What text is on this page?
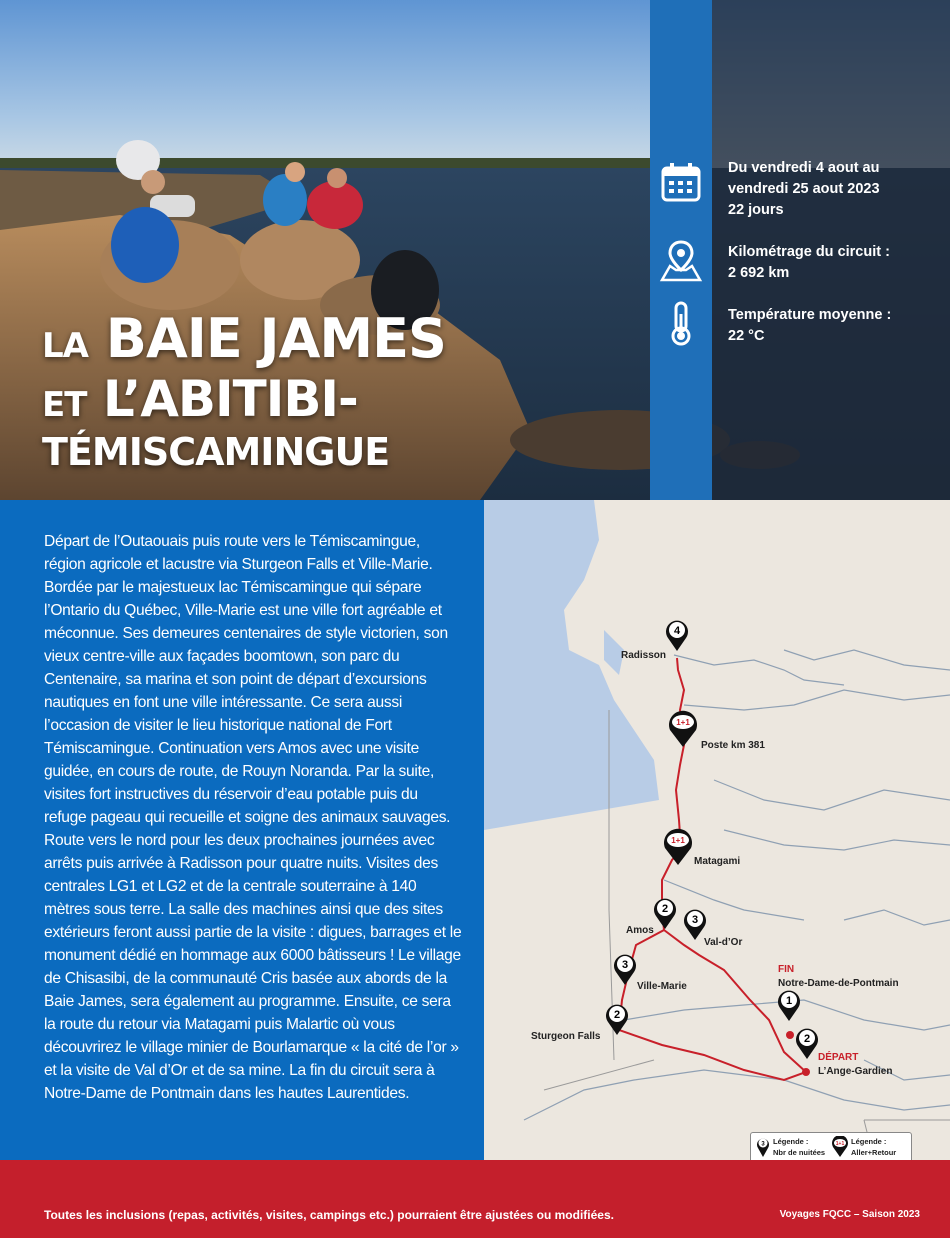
LA BAIE JAMES
ET L’ABITIBI-
TÉMISCAMINGUE
Du vendredi 4 aout au
vendredi 25 aout 2023
22 jours
Kilométrage du circuit :
2 692 km
Température moyenne :
22 °C

Départ de l’Outaouais puis route vers le Témiscamingue, région agricole et lacustre via Sturgeon Falls et Ville-Marie. Bordée par le majestueux lac Témiscamingue qui sépare l’Ontario du Québec, Ville-Marie est une ville fort agréable et méconnue. Ses demeures centenaires de style victorien, son vieux centre-ville aux façades boomtown, son parc du Centenaire, sa marina et son point de départ d’excursions nautiques en font une ville intéressante. Ce sera aussi l’occasion de visiter le lieu historique national de Fort Témiscamingue. Continuation vers Amos avec une visite guidée, en cours de route, de Rouyn Noranda. Par la suite, visites fort instructives du réservoir d’eau potable puis du refuge pageau qui recueille et soigne des animaux sauvages. Route vers le nord pour les deux prochaines journées avec arrêts puis arrivée à Radisson pour quatre nuits. Visites des centrales LG1 et LG2 et de la centrale souterraine à 140 mètres sous terre. La salle des machines ainsi que des sites extérieurs feront aussi partie de la visite : digues, barrages et le monument dédié en hommage aux 6000 bâtisseurs ! Le village de Chisasibi, de la communauté Cris basée aux abords de la Baie James, sera également au programme. Ensuite, ce sera la route du retour via Matagami puis Malartic où vous découvrirez le village minier de Bourlamarque « la cité de l’or » et la visite de Val d’Or et de sa mine. La fin du circuit sera à Notre-Dame de Pontmain dans les hautes Laurentides.

4
1+1
1+1
2
3
3
2
1
2
Radisson
Poste km 381
Matagami
Amos
Val-d’Or
Ville-Marie
Sturgeon Falls
FIN
Notre-Dame-de-Pontmain
DÉPART
L’Ange-Gardien
3 Légende :
Nbr de nuitées
1+1 Légende :
Aller+Retour
Toutes les inclusions (repas, activités, visites, campings etc.) pourraient être ajustées ou modifiées.	Voyages FQCC – Saison 2023
